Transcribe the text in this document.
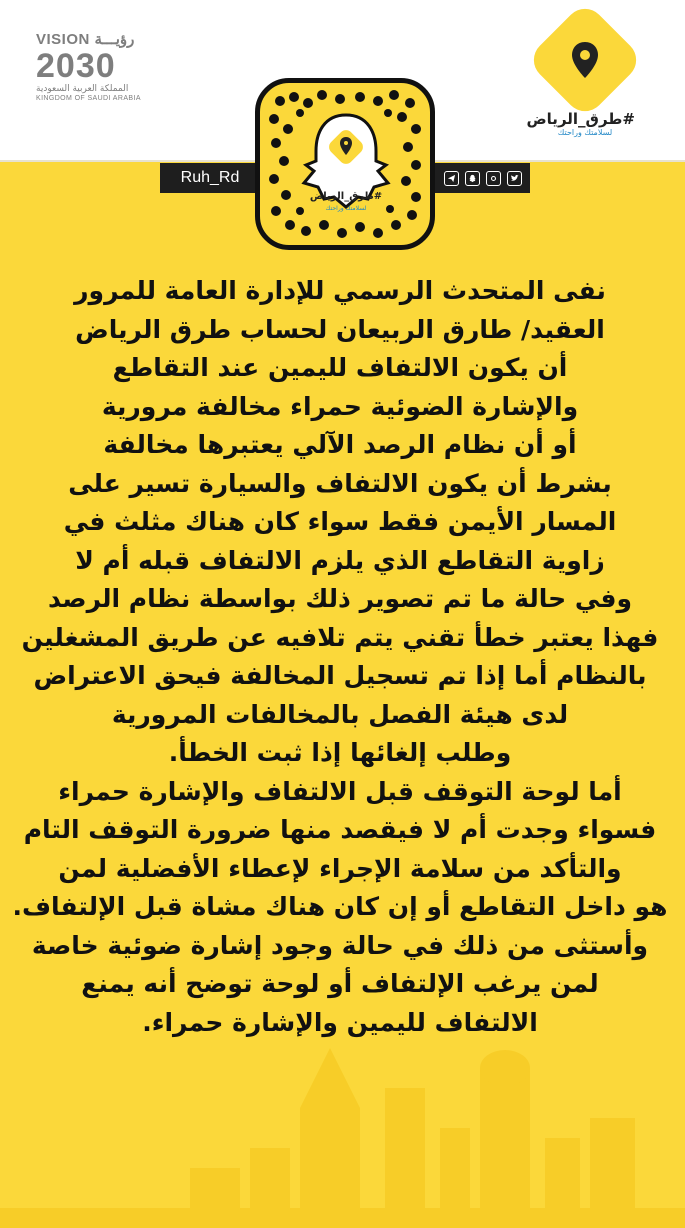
VISION رؤيـــة
2030
المملكة العربية السعودية
KINGDOM OF SAUDI ARABIA
#طرق_الرياض
لسلامتك وراحتك
Ruh_Rd
#طرق_الرياض
لسلامتك وراحتك
نفى المتحدث الرسمي للإدارة العامة للمرور
العقيد/ طارق الربيعان لحساب طرق الرياض
أن يكون الالتفاف لليمين عند التقاطع
والإشارة الضوئية حمراء مخالفة مرورية
أو أن نظام الرصد الآلي يعتبرها مخالفة
بشرط أن يكون الالتفاف والسيارة تسير على
المسار الأيمن فقط سواء كان هناك مثلث في
زاوية التقاطع الذي يلزم الالتفاف قبله أم لا
وفي حالة ما تم تصوير ذلك بواسطة نظام الرصد
فهذا يعتبر خطأ تقني يتم تلافيه عن طريق المشغلين
بالنظام أما إذا تم تسجيل المخالفة فيحق الاعتراض
لدى هيئة الفصل بالمخالفات المرورية
وطلب إلغائها إذا ثبت الخطأ.
أما لوحة التوقف قبل الالتفاف والإشارة حمراء
فسواء وجدت أم لا فيقصد منها ضرورة التوقف التام
والتأكد من سلامة الإجراء لإعطاء الأفضلية لمن
هو داخل التقاطع أو إن كان هناك مشاة قبل الإلتفاف.
وأستثى من ذلك في حالة وجود إشارة ضوئية خاصة
لمن يرغب الإلتفاف أو لوحة توضح أنه يمنع
الالتفاف لليمين والإشارة حمراء.
